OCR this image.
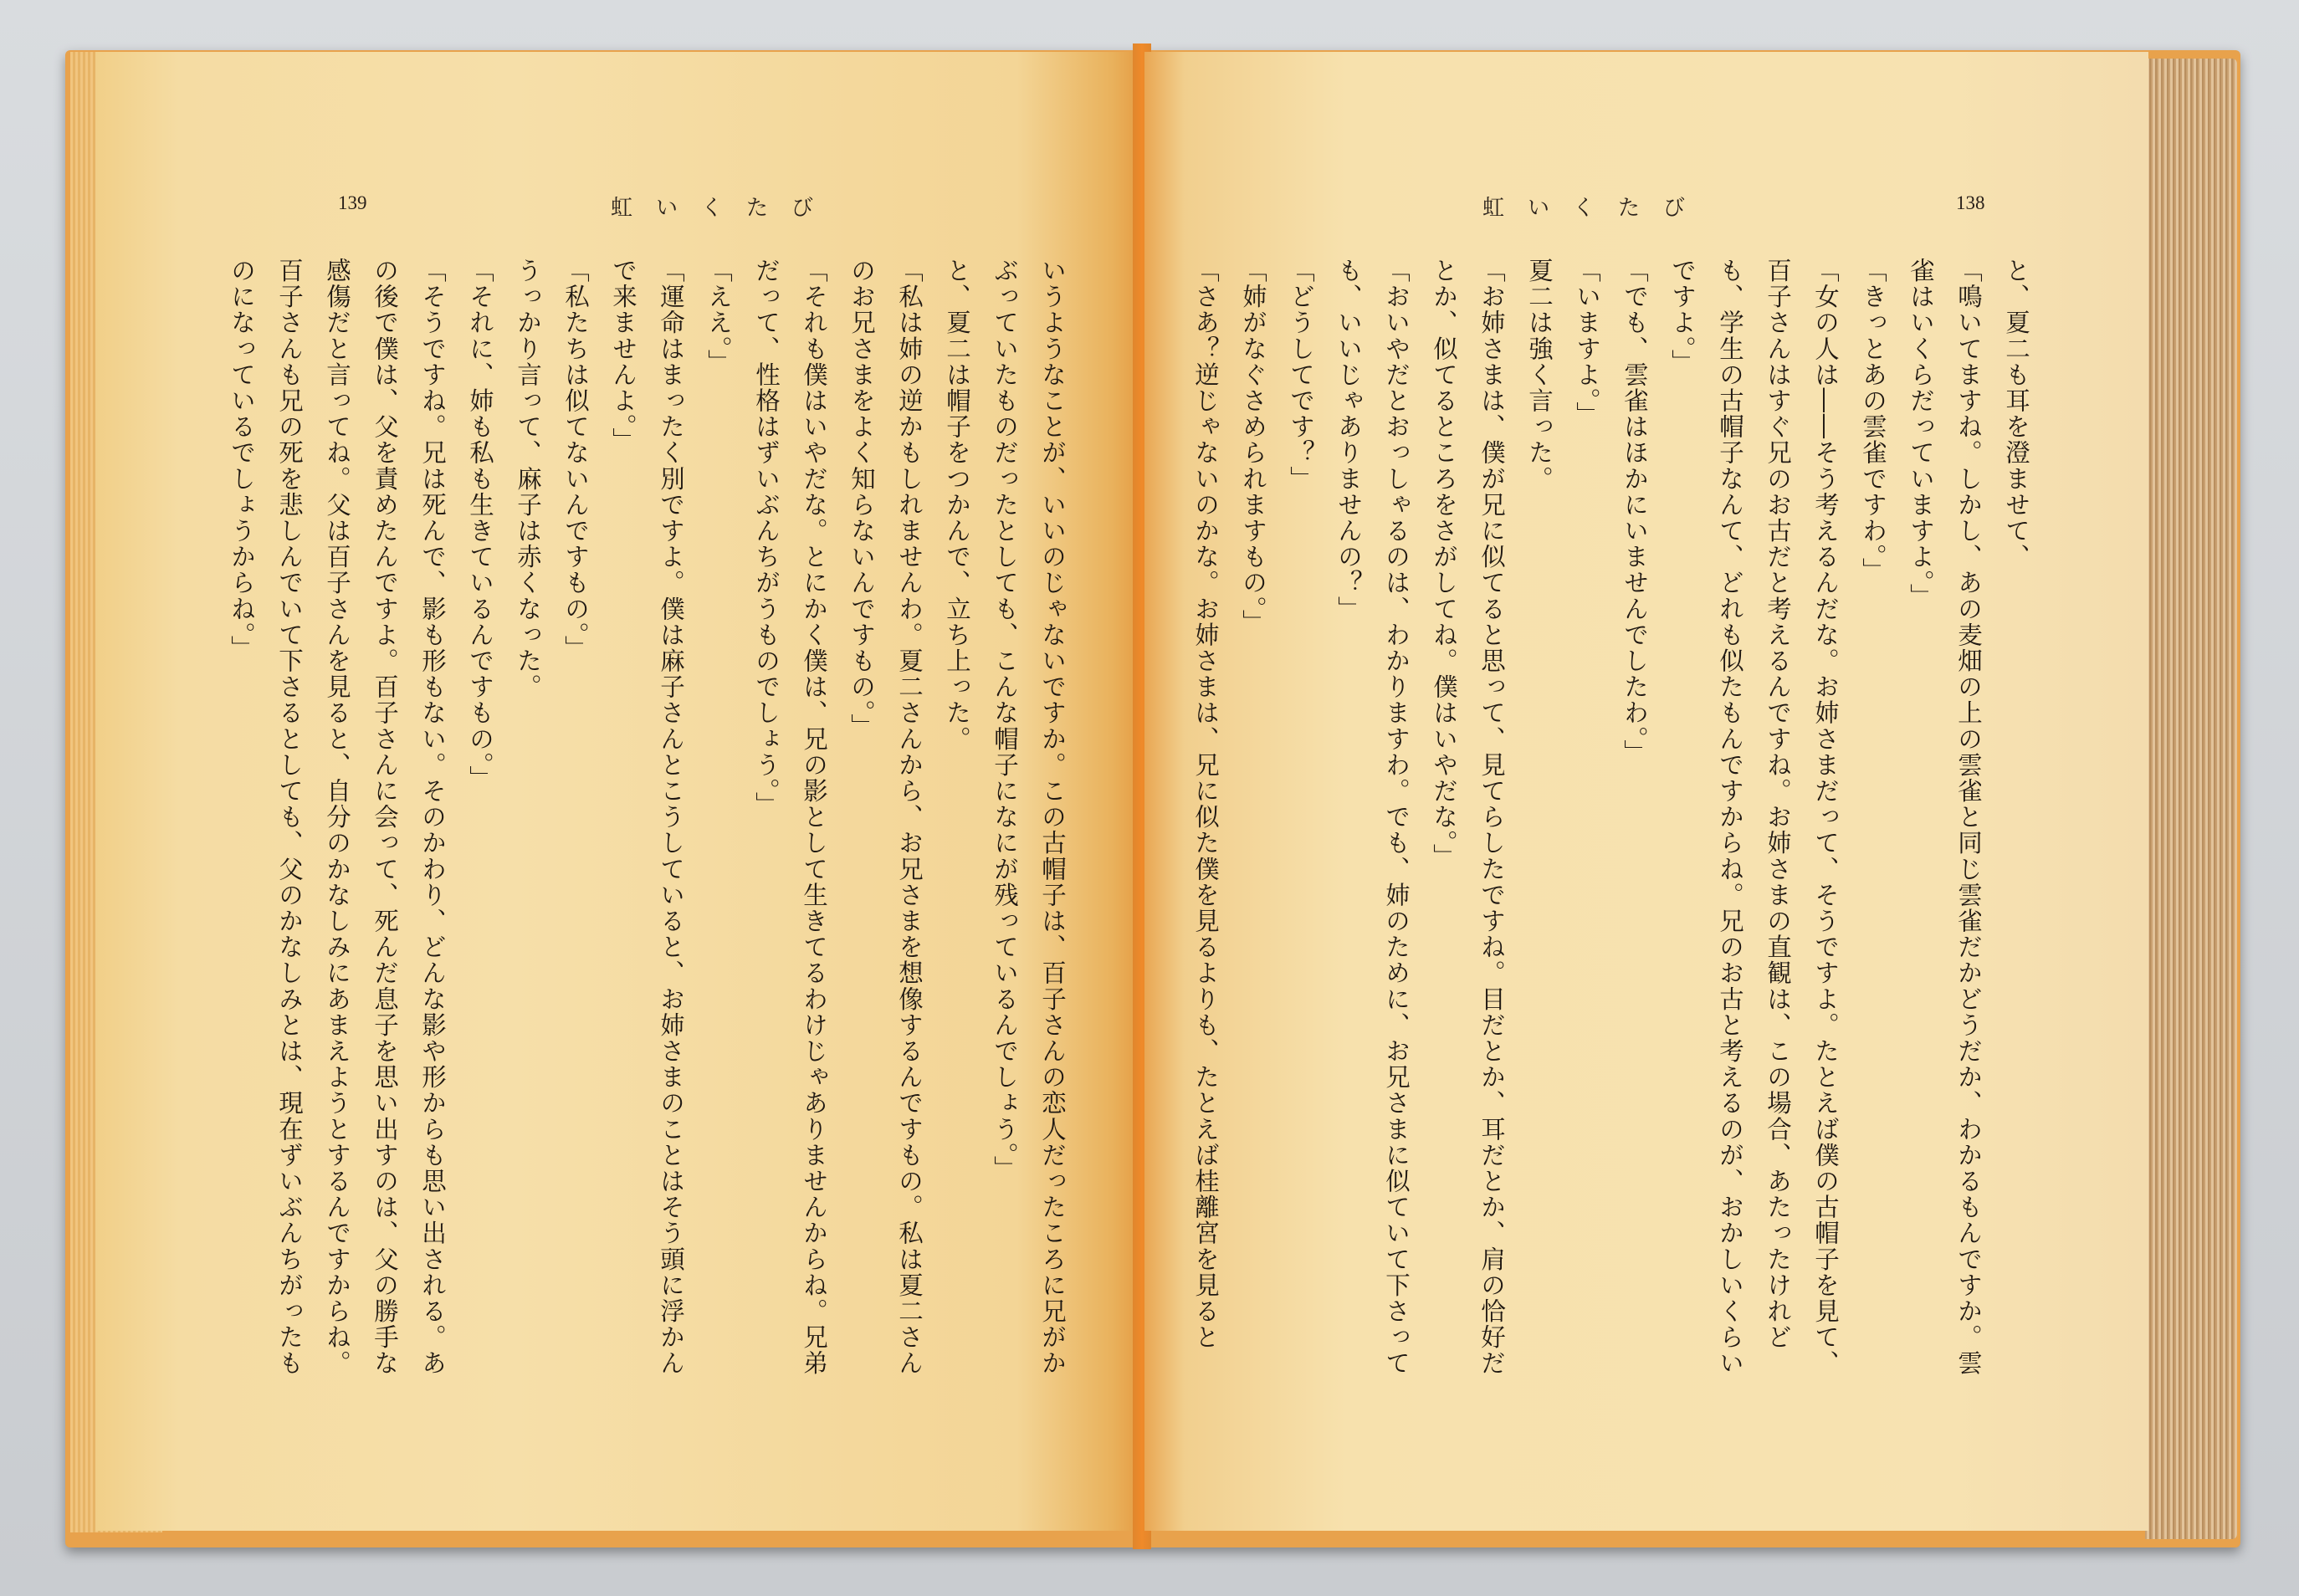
139	虹いくたび

いうようなことが、いいのじゃないですか。この古帽子は、百子さんの恋人だったころに兄がか

ぶっていたものだったとしても、こんな帽子になにが残っているんでしょう。」

と、夏二は帽子をつかんで、立ち上った。

「私は姉の逆かもしれませんわ。夏二さんから、お兄さまを想像するんですもの。私は夏二さん

のお兄さまをよく知らないんですもの。」

「それも僕はいやだな。とにかく僕は、兄の影として生きてるわけじゃありませんからね。兄弟

だって、性格はずいぶんちがうものでしょう。」

「ええ。」

「運命はまったく別ですよ。僕は麻子さんとこうしていると、お姉さまのことはそう頭に浮かん

で来ませんよ。」

「私たちは似てないんですもの。」

うっかり言って、麻子は赤くなった。

「それに、姉も私も生きているんですもの。」

「そうですね。兄は死んで、影も形もない。そのかわり、どんな影や形からも思い出される。あ

の後で僕は、父を責めたんですよ。百子さんに会って、死んだ息子を思い出すのは、父の勝手な

感傷だと言ってね。父は百子さんを見ると、自分のかなしみにあまえようとするんですからね。

百子さんも兄の死を悲しんでいて下さるとしても、父のかなしみとは、現在ずいぶんちがったも

のになっているでしょうからね。」

虹いくたび	138

と、夏二も耳を澄ませて、

「鳴いてますね。しかし、あの麦畑の上の雲雀と同じ雲雀だかどうだか、わかるもんですか。雲

雀はいくらだっていますよ。」

「きっとあの雲雀ですわ。」

「女の人は――そう考えるんだな。お姉さまだって、そうですよ。たとえば僕の古帽子を見て、

百子さんはすぐ兄のお古だと考えるんですね。お姉さまの直観は、この場合、あたったけれど

も、学生の古帽子なんて、どれも似たもんですからね。兄のお古と考えるのが、おかしいくらい

ですよ。」

「でも、雲雀はほかにいませんでしたわ。」

「いますよ。」

夏二は強く言った。

「お姉さまは、僕が兄に似てると思って、見てらしたですね。目だとか、耳だとか、肩の恰好だ

とか、似てるところをさがしてね。僕はいやだな。」

「おいやだとおっしゃるのは、わかりますわ。でも、姉のために、お兄さまに似ていて下さって

も、いいじゃありませんの？」

「どうしてです？」

「姉がなぐさめられますもの。」

「さあ？逆じゃないのかな。お姉さまは、兄に似た僕を見るよりも、たとえば桂離宮を見ると
